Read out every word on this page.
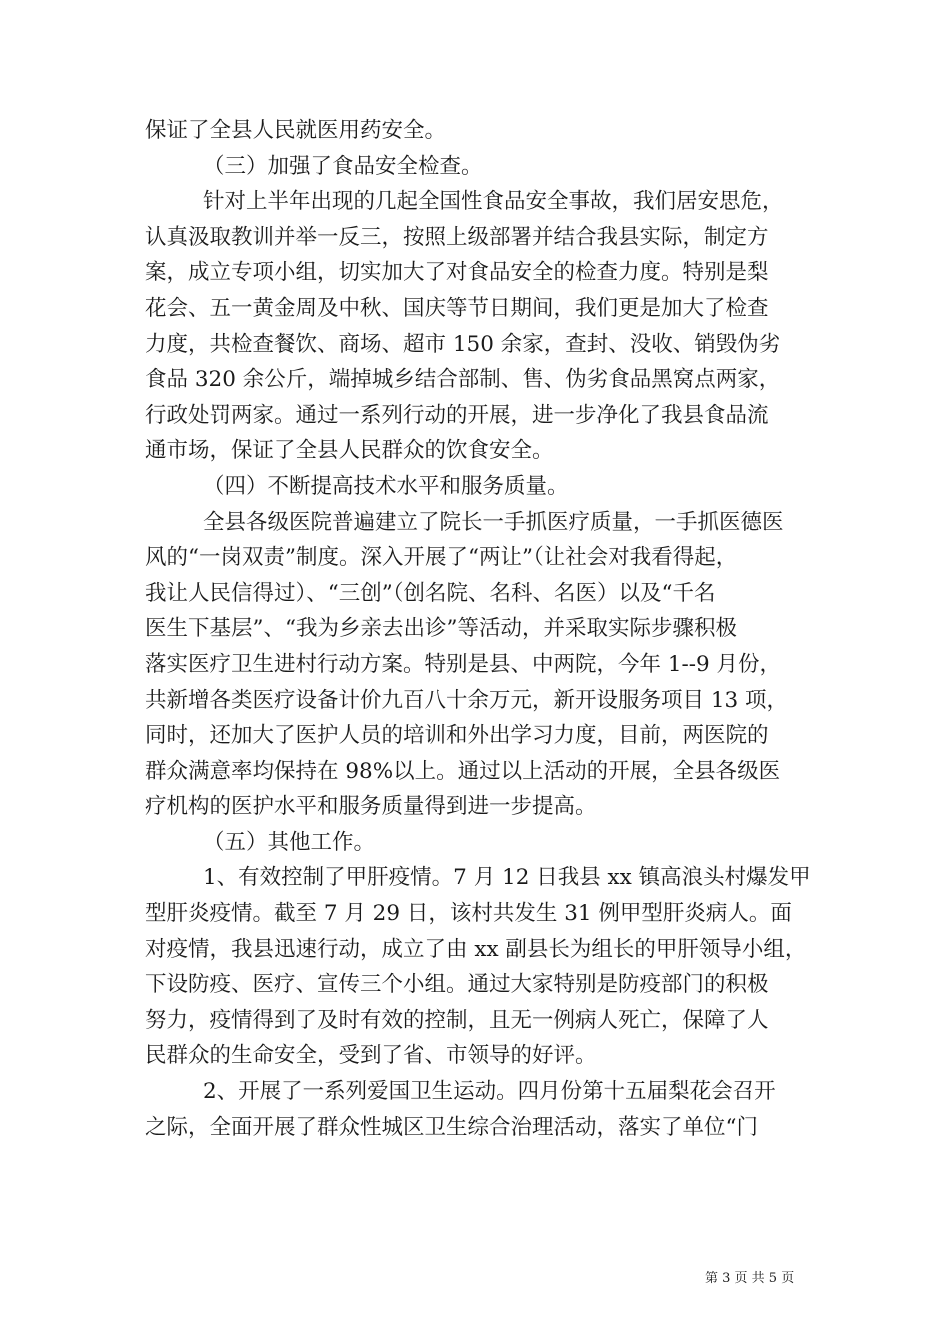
保证了全县人民就医用药安全。
（三）加强了食品安全检查。
针对上半年出现的几起全国性食品安全事故，我们居安思危，
认真汲取教训并举一反三，按照上级部署并结合我县实际，制定方
案，成立专项小组，切实加大了对食品安全的检查力度。特别是梨
花会、五一黄金周及中秋、国庆等节日期间，我们更是加大了检查
力度，共检查餐饮、商场、超市 150 余家，查封、没收、销毁伪劣
食品 320 余公斤，端掉城乡结合部制、售、伪劣食品黑窝点两家，
行政处罚两家。通过一系列行动的开展，进一步净化了我县食品流
通市场，保证了全县人民群众的饮食安全。
（四）不断提高技术水平和服务质量。
全县各级医院普遍建立了院长一手抓医疗质量，一手抓医德医
风的“一岗双责”制度。深入开展了“两让”（让社会对我看得起，
我让人民信得过）、“三创”（创名院、名科、名医）以及“千名
医生下基层”、“我为乡亲去出诊”等活动，并采取实际步骤积极
落实医疗卫生进村行动方案。特别是县、中两院，今年 1--9 月份，
共新增各类医疗设备计价九百八十余万元，新开设服务项目 13 项，
同时，还加大了医护人员的培训和外出学习力度，目前，两医院的
群众满意率均保持在 98%以上。通过以上活动的开展，全县各级医
疗机构的医护水平和服务质量得到进一步提高。
（五）其他工作。
1、有效控制了甲肝疫情。7 月 12 日我县 xx 镇高浪头村爆发甲
型肝炎疫情。截至 7 月 29 日，该村共发生 31 例甲型肝炎病人。面
对疫情，我县迅速行动，成立了由 xx 副县长为组长的甲肝领导小组，
下设防疫、医疗、宣传三个小组。通过大家特别是防疫部门的积极
努力，疫情得到了及时有效的控制，且无一例病人死亡，保障了人
民群众的生命安全，受到了省、市领导的好评。
2、开展了一系列爱国卫生运动。四月份第十五届梨花会召开
之际，全面开展了群众性城区卫生综合治理活动，落实了单位“门
第 3 页 共 5 页
